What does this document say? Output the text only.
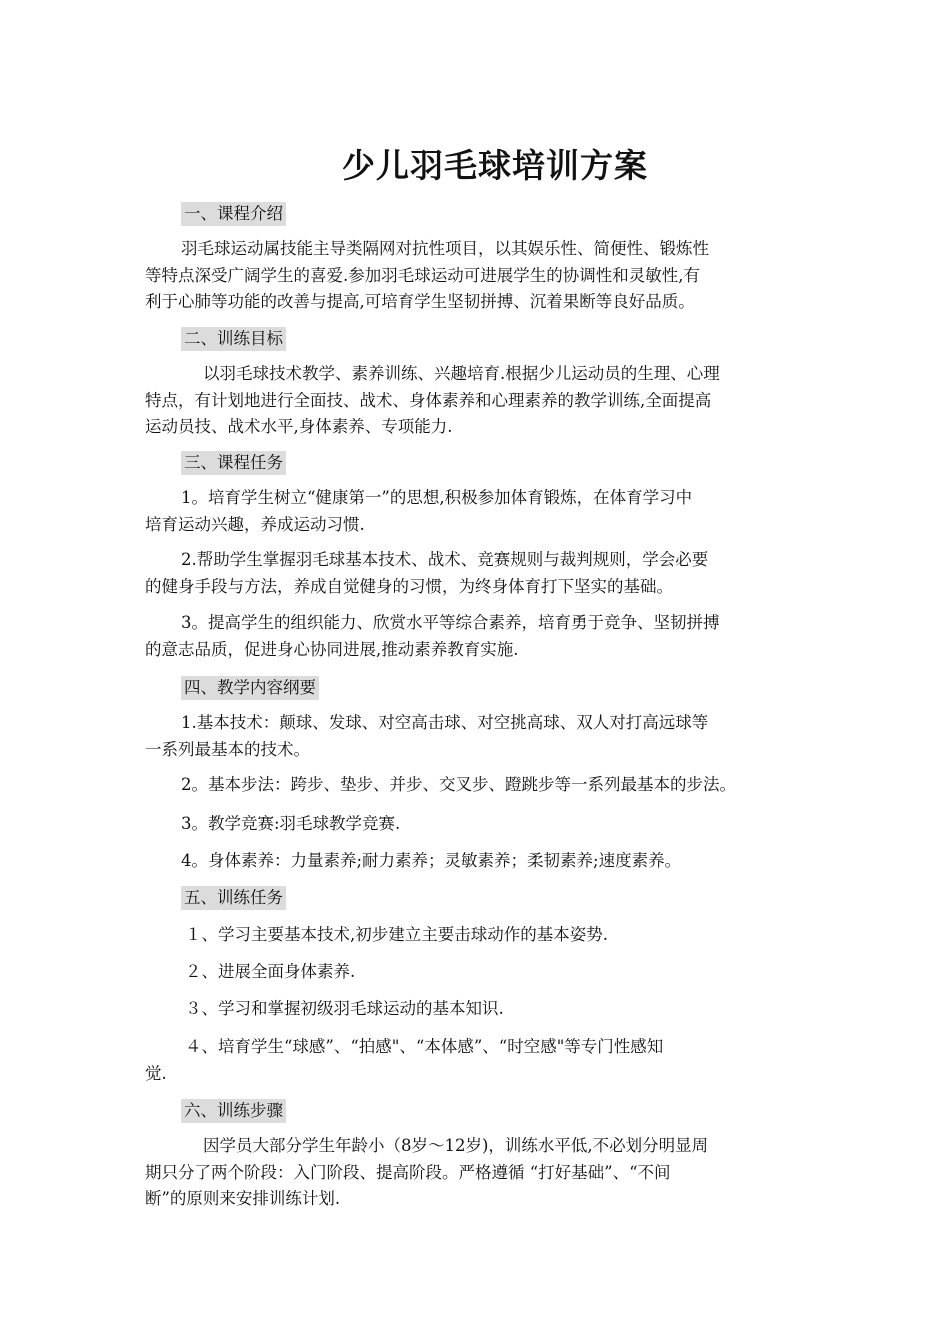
少儿羽毛球培训方案
一、课程介绍
羽毛球运动属技能主导类隔网对抗性项目，以其娱乐性、简便性、锻炼性
等特点深受广阔学生的喜爱.参加羽毛球运动可进展学生的协调性和灵敏性,有
利于心肺等功能的改善与提高,可培育学生坚韧拼搏、沉着果断等良好品质。
二、训练目标
以羽毛球技术教学、素养训练、兴趣培育.根据少儿运动员的生理、心理
特点，有计划地进行全面技、战术、身体素养和心理素养的教学训练,全面提高
运动员技、战术水平,身体素养、专项能力.
三、课程任务
1。培育学生树立“健康第一”的思想,积极参加体育锻炼，在体育学习中
培育运动兴趣，养成运动习惯.
2.帮助学生掌握羽毛球基本技术、战术、竞赛规则与裁判规则，学会必要
的健身手段与方法，养成自觉健身的习惯，为终身体育打下坚实的基础。
3。提高学生的组织能力、欣赏水平等综合素养，培育勇于竞争、坚韧拼搏
的意志品质，促进身心协同进展,推动素养教育实施.
四、教学内容纲要
1.基本技术：颠球、发球、对空高击球、对空挑高球、双人对打高远球等
一系列最基本的技术。
2。基本步法：跨步、垫步、并步、交叉步、蹬跳步等一系列最基本的步法。
3。教学竞赛:羽毛球教学竞赛.
4。身体素养：力量素养;耐力素养；灵敏素养；柔韧素养;速度素养。
五、训练任务
１、学习主要基本技术,初步建立主要击球动作的基本姿势.
２、进展全面身体素养.
３、学习和掌握初级羽毛球运动的基本知识.
４、培育学生“球感”、“拍感"、“本体感”、“时空感"等专门性感知
觉.
六、训练步骤
因学员大部分学生年龄小（8岁～12岁)，训练水平低,不必划分明显周
期只分了两个阶段：入门阶段、提高阶段。严格遵循 “打好基础”、“不间
断”的原则来安排训练计划.
